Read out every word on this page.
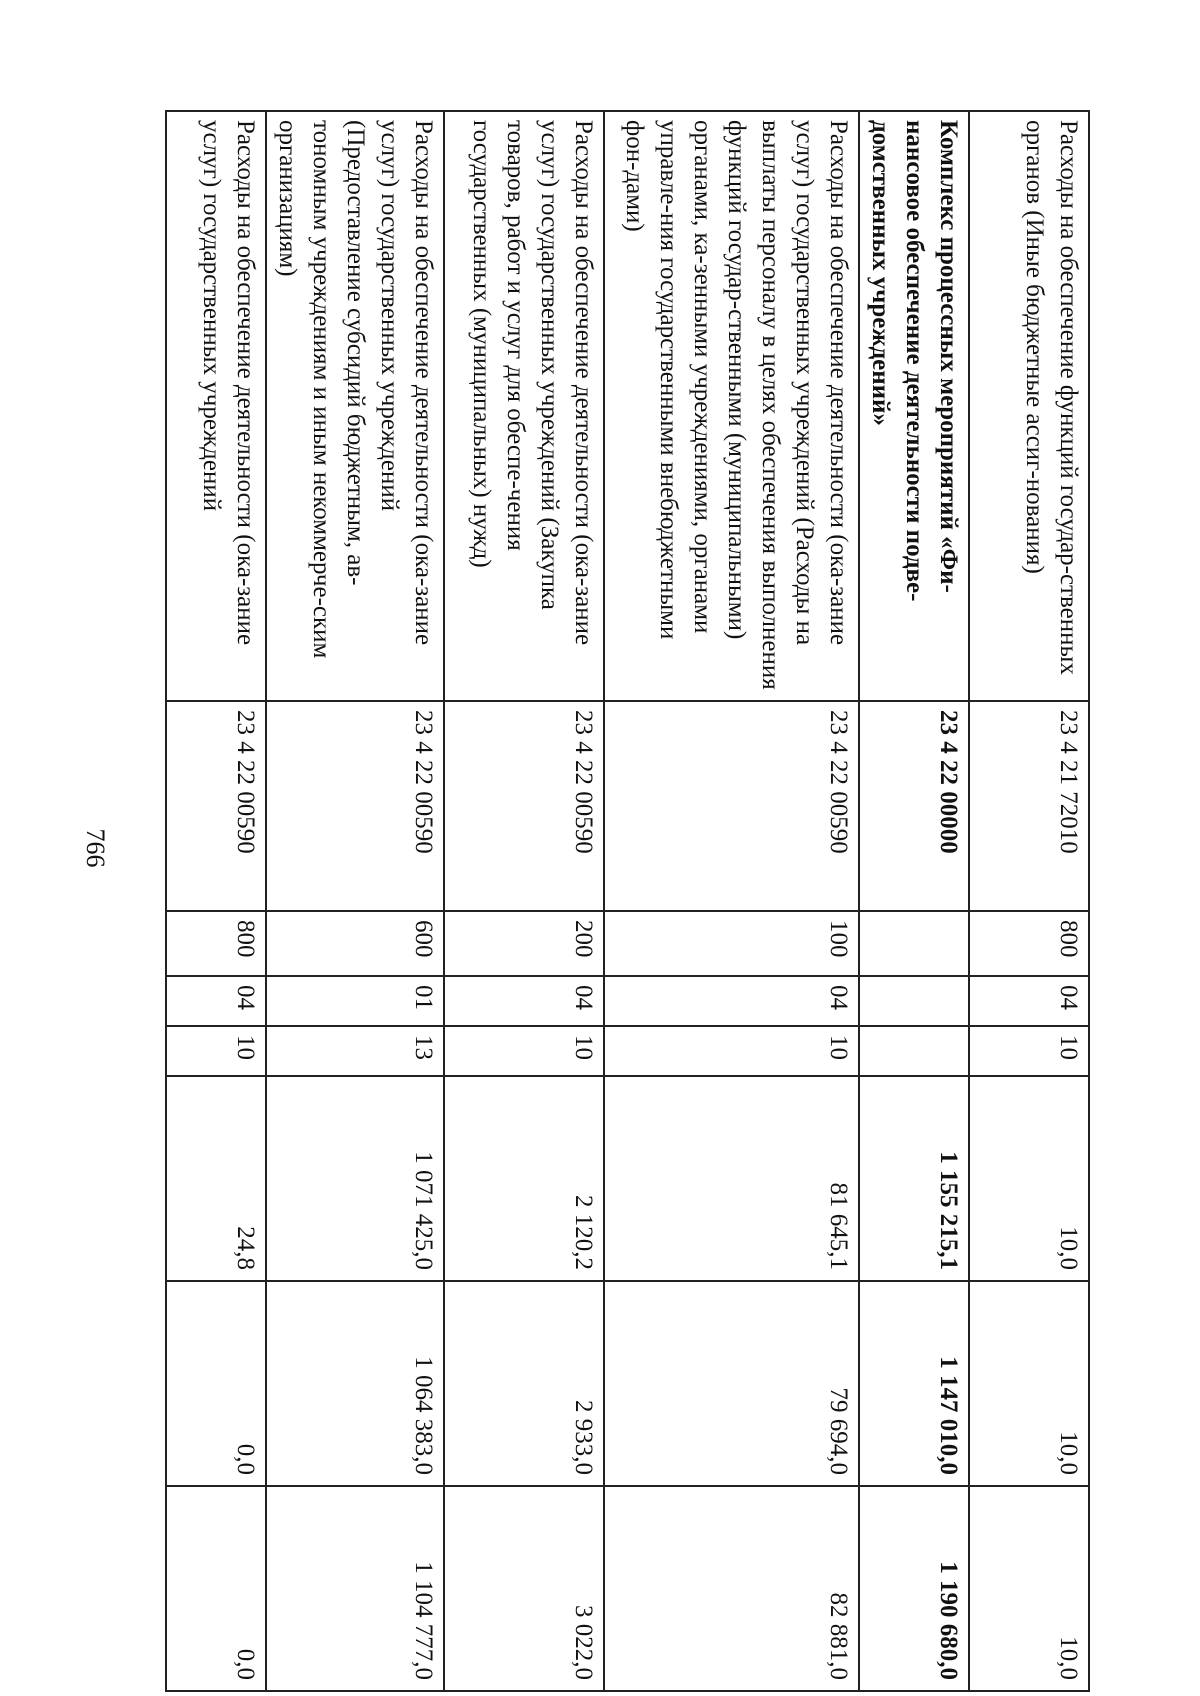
766
Расходы на обеспечение функций государ-ственных органов (Иные бюджетные ассиг-нования)	23 4 21 72010	800	04	10	10,0	10,0	10,0
Комплекс процессных мероприятий «Фи-нансовое обеспечение деятельности подве-домственных учреждений»	23 4 22 00000				1 155 215,1	1 147 010,0	1 190 680,0
Расходы на обеспечение деятельности (ока-зание услуг) государственных учреждений (Расходы на выплаты персоналу в целях обеспечения выполнения функций государ-ственными (муниципальными) органами, ка-зенными учреждениями, органами управле-ния государственными внебюджетными фон-дами)	23 4 22 00590	100	04	10	81 645,1	79 694,0	82 881,0
Расходы на обеспечение деятельности (ока-зание услуг) государственных учреждений (Закупка товаров, работ и услуг для обеспе-чения государственных (муниципальных) нужд)	23 4 22 00590	200	04	10	2 120,2	2 933,0	3 022,0
Расходы на обеспечение деятельности (ока-зание услуг) государственных учреждений (Предоставление субсидий бюджетным, ав-тономным учреждениям и иным некоммерче-ским организациям)	23 4 22 00590	600	01	13	1 071 425,0	1 064 383,0	1 104 777,0
Расходы на обеспечение деятельности (ока-зание услуг) государственных учреждений	23 4 22 00590	800	04	10	24,8	0,0	0,0
